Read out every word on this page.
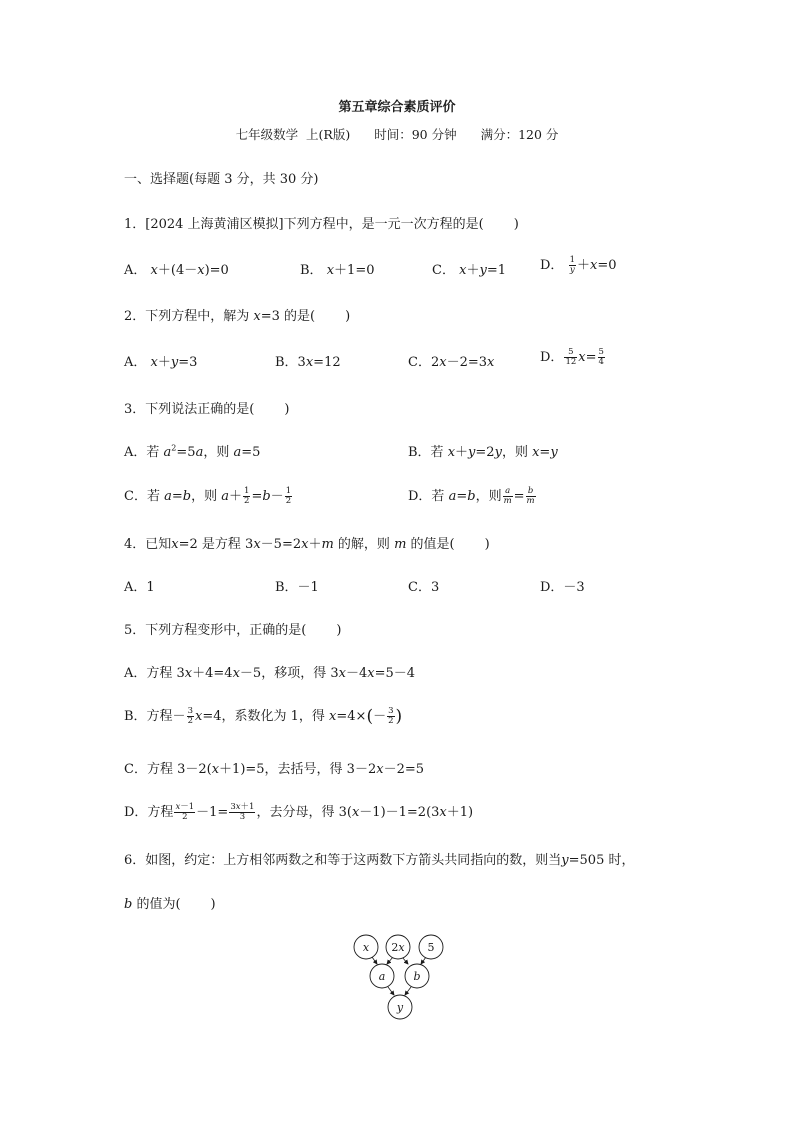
第五章综合素质评价
七年级数学 上(R版) 时间：90 分钟 满分：120 分
一、选择题(每题 3 分，共 30 分)
1．[2024 上海黄浦区模拟]下列方程中，是一元一次方程的是( )
A． x＋(4－x)=0	B． x＋1=0	C． x＋y=1	D． $\frac{1}{y} +x=0$
2．下列方程中，解为 x=3 的是( )
A． x＋y=3	B．3x=12	C．2x－2=3x	D． $\frac{5}{12} x= \frac{5}{4}$
3．下列说法正确的是( )
A．若 $a^2=5a$，则 a=5	B．若 x＋y=2y，则 x=y
C．若 a=b，则 $a+ \frac{1}{2} =b- \frac{1}{2}$	D．若 a=b，则 $\frac{a}{m} = \frac{b}{m}$
4．已知x=2 是方程 3x－5=2x＋m 的解，则 m 的值是( )
A．1	B．－1	C．3	D．－3
5．下列方程变形中，正确的是( )
A．方程 3x＋4=4x－5，移项，得 3x－4x=5－4
B．方程－ $\frac{3}{2} x=4$，系数化为 1，得 $x=4\times(- \frac{3}{2}$ )
C．方程 3－2(x＋1)=5，去括号，得 3－2x－2=5
D．方程 $\frac{x-1}{2} -1= \frac{3x+1}{3}$ ，去分母，得 3(x－1)－1=2(3x＋1)
6．如图，约定：上方相邻两数之和等于这两数下方箭头共同指向的数，则当y=505 时，
b 的值为( )
x 2x 5
a	b
y
